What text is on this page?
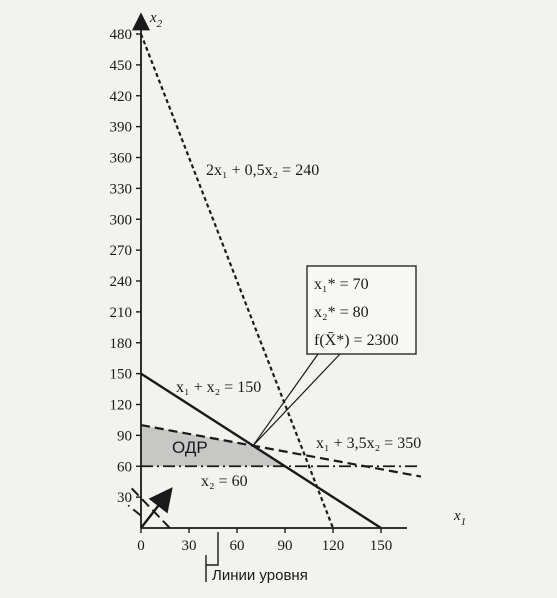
0 30 60 90 120 150
30
60
90
120
150
180
210
240
270
300
330
360
390
420
450
480
$x_2$
$x_1$
2x₁ + 0,5x₂ = 240
x₁ + x₂ = 150
x₁ + 3,5x₂ = 350
x₂ = 60
ОДР
x₁* = 70
x₂* = 80
f(X̄*) = 2300
Линии уровня
